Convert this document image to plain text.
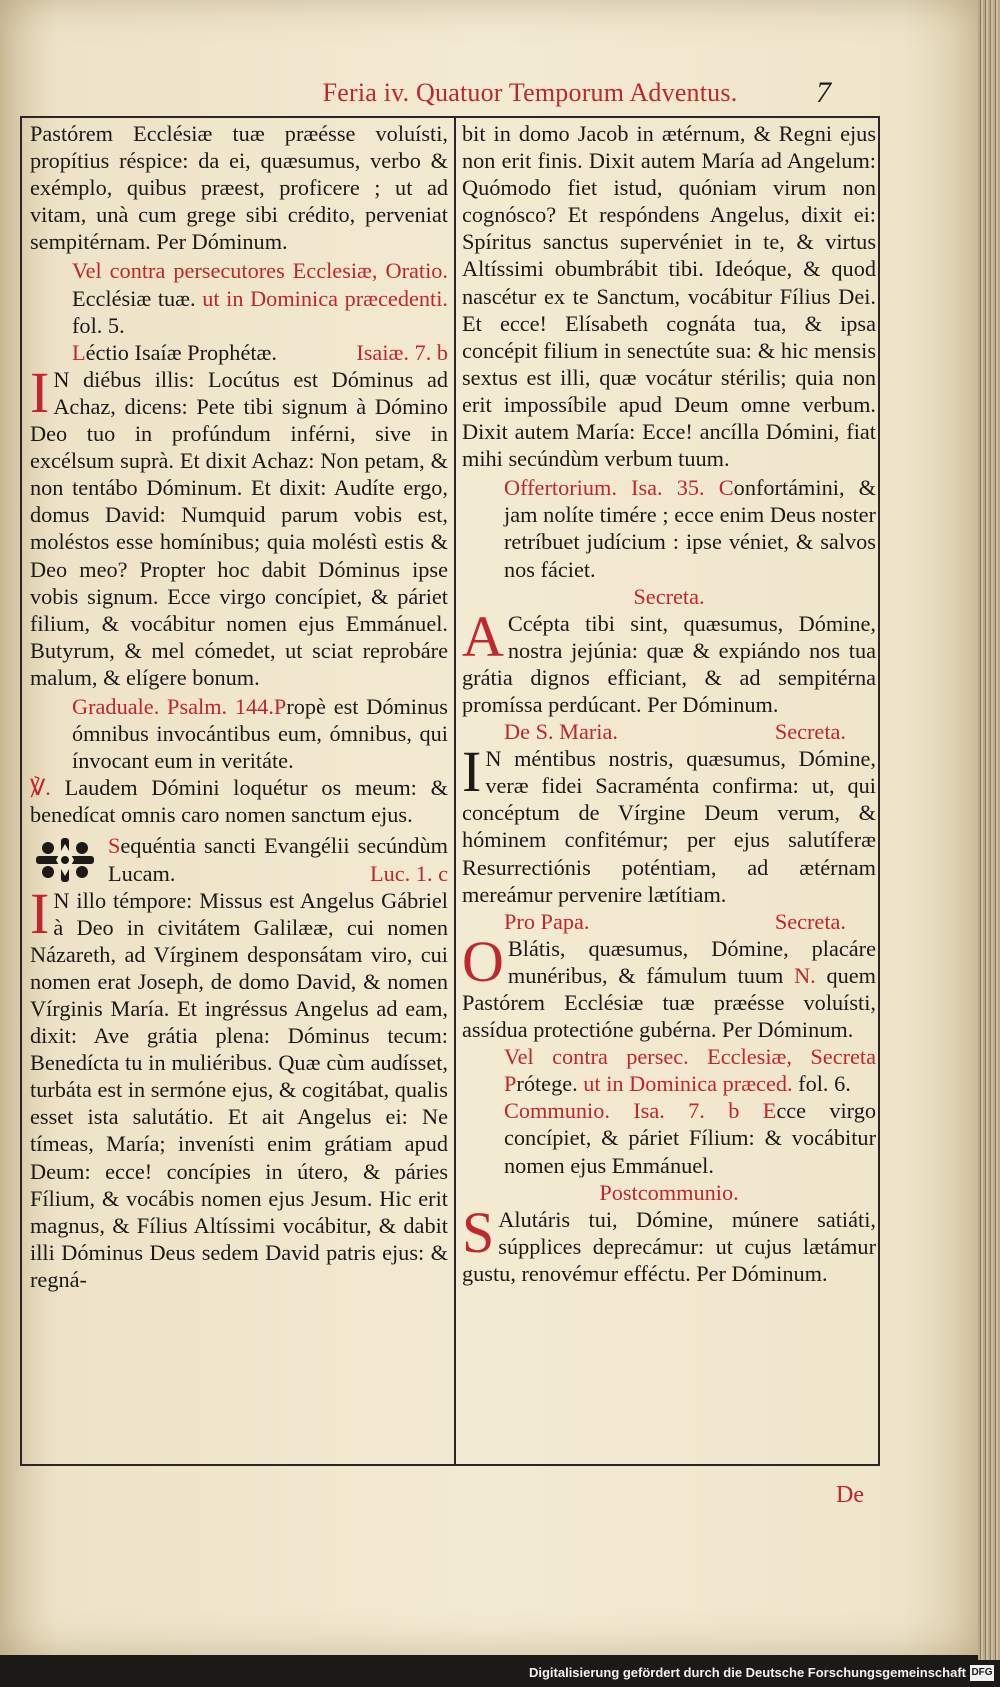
Feria iv. Quatuor Temporum Adventus.	7

Pastórem Ecclésiæ tuæ præésse voluísti, propítius réspice: da ei, quæsumus, verbo & exémplo, quibus præest, proficere ; ut ad vitam, unà cum grege sibi crédito, perveniat sempitérnam. Per Dóminum.

Vel contra persecutores Ecclesiæ, Oratio. Ecclésiæ tuæ. ut in Dominica præcedenti. fol. 5.

Léctio Isaíæ Prophétæ.	Isaiæ. 7. b

I N diébus illis: Locútus est Dóminus ad Achaz, dicens: Pete tibi signum à Dómino Deo tuo in profúndum inférni, sive in excélsum suprà. Et dixit Achaz: Non petam, & non tentábo Dóminum. Et dixit: Audíte ergo, domus David: Numquid parum vobis est, moléstos esse homínibus; quia moléstì estis & Deo meo? Propter hoc dabit Dóminus ipse vobis signum. Ecce virgo concípiet, & páriet filium, & vocábitur nomen ejus Emmánuel. Butyrum, & mel cómedet, ut sciat reprobáre malum, & elígere bonum.

Graduale. Psalm. 144.Propè est Dóminus ómnibus invocántibus eum, ómnibus, qui ínvocant eum in veritáte.

℣. Laudem Dómini loquétur os meum: & benedícat omnis caro nomen sanctum ejus.

Sequéntia sancti Evangélii secúndùm Lucam.	Luc. 1. c

I N illo témpore: Missus est Angelus Gábriel à Deo in civitátem Galilææ, cui nomen Názareth, ad Vírginem desponsátam viro, cui nomen erat Joseph, de domo David, & nomen Vírginis María. Et ingréssus Angelus ad eam, dixit: Ave grátia plena: Dóminus tecum: Benedícta tu in muliéribus. Quæ cùm audísset, turbáta est in sermóne ejus, & cogitábat, qualis esset ista salutátio. Et ait Angelus ei: Ne tímeas, María; invenísti enim grátiam apud Deum: ecce! concípies in útero, & páries Fílium, & vocábis nomen ejus Jesum. Hic erit magnus, & Fílius Altíssimi vocábitur, & dabit illi Dóminus Deus sedem David patris ejus: & regná-

bit in domo Jacob in ætérnum, & Regni ejus non erit finis. Dixit autem María ad Angelum: Quómodo fiet istud, quóniam virum non cognósco? Et respóndens Angelus, dixit ei: Spíritus sanctus supervéniet in te, & virtus Altíssimi obumbrábit tibi. Ideóque, & quod nascétur ex te Sanctum, vocábitur Fílius Dei. Et ecce! Elísabeth cognáta tua, & ipsa concépit filium in senectúte sua: & hic mensis sextus est illi, quæ vocátur stérilis; quia non erit impossíbile apud Deum omne verbum. Dixit autem María: Ecce! ancílla Dómini, fiat mihi secúndùm verbum tuum.

Offertorium. Isa. 35. Confortámini, & jam nolíte timére ; ecce enim Deus noster retríbuet judícium : ipse véniet, & salvos nos fáciet.

Secreta.

A Ccépta tibi sint, quæsumus, Dómine, nostra jejúnia: quæ & expiándo nos tua grátia dignos efficiant, & ad sempitérna promíssa perdúcant. Per Dóminum.

De S. Maria.	Secreta.

I N méntibus nostris, quæsumus, Dómine, veræ fidei Sacraménta confirma: ut, qui concéptum de Vírgine Deum verum, & hóminem confitémur; per ejus salutíferæ Resurrectiónis poténtiam, ad ætérnam mereámur pervenire lætítiam.

Pro Papa.	Secreta.

O Blátis, quæsumus, Dómine, placáre munéribus, & fámulum tuum N. quem Pastórem Ecclésiæ tuæ præésse voluísti, assídua protectióne gubérna. Per Dóminum.

Vel contra persec. Ecclesiæ, Secreta Prótege. ut in Dominica præced. fol. 6.

Communio. Isa. 7. b Ecce virgo concípiet, & páriet Fílium: & vocábitur nomen ejus Emmánuel.

Postcommunio.

S Alutáris tui, Dómine, múnere satiáti, súpplices deprecámur: ut cujus lætámur gustu, renovémur efféctu. Per Dóminum.

De
Digitalisierung gefördert durch die Deutsche Forschungsgemeinschaft DFG
